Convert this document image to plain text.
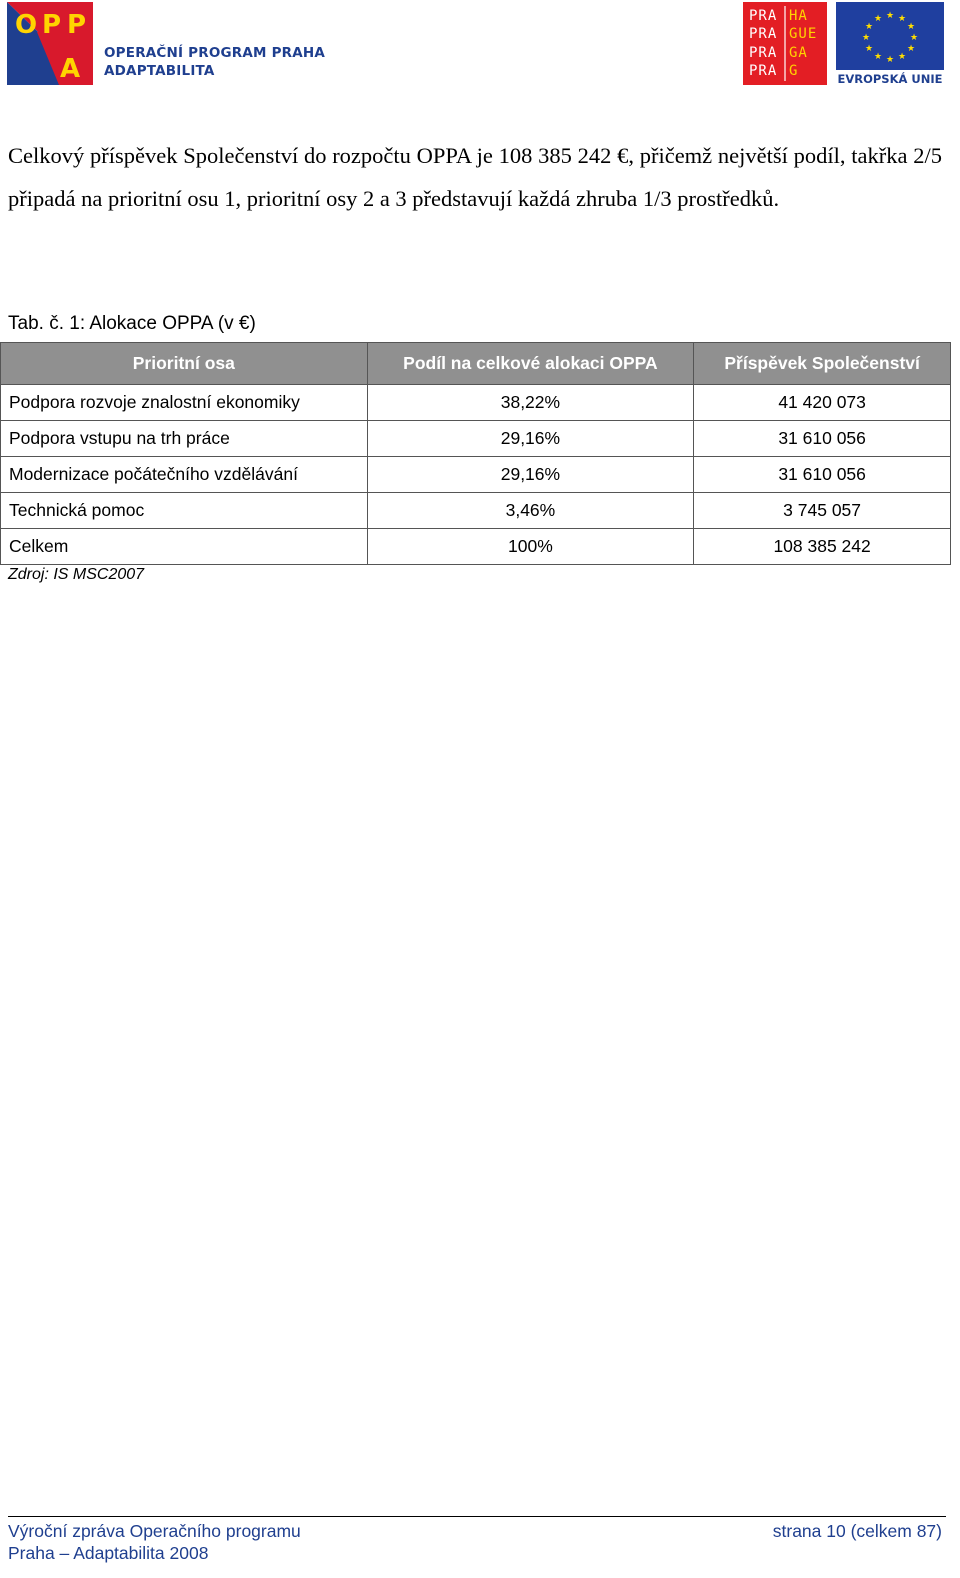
O P P
A
OPERAČNÍ PROGRAM PRAHA
ADAPTABILITA
PRA
PRA
PRA
PRA
HA
GUE
GA
G
★ ★
★
★
★
★
★
★
★
★
★
★
EVROPSKÁ UNIE

Celkový příspěvek Společenství do rozpočtu OPPA je 108 385 242 €, přičemž největší podíl, takřka 2/5 připadá na prioritní osu 1, prioritní osy 2 a 3 představují každá zhruba 1/3 prostředků.

Tab. č. 1: Alokace OPPA (v €)
Prioritní osa	Podíl na celkové alokaci OPPA	Příspěvek Společenství
Podpora rozvoje znalostní ekonomiky	38,22%	41 420 073
Podpora vstupu na trh práce	29,16%	31 610 056
Modernizace počátečního vzdělávání	29,16%	31 610 056
Technická pomoc	3,46%	3 745 057
Celkem	100%	108 385 242
Zdroj: IS MSC2007
Výroční zpráva Operačního programu
Praha – Adaptabilita 2008
strana 10 (celkem 87)
